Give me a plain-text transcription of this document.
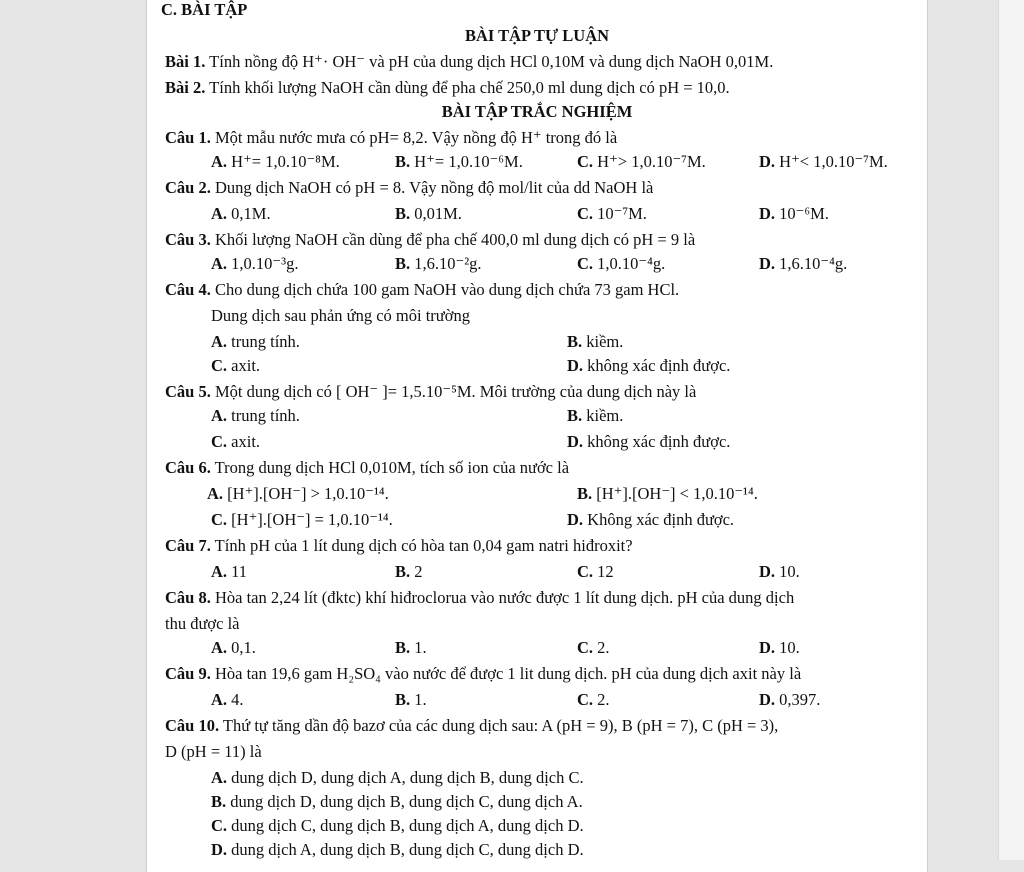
C. BÀI TẬP
BÀI TẬP TỰ LUẬN
Bài 1. Tính nồng độ H⁺· OH⁻ và pH của dung dịch HCl 0,10M và dung dịch NaOH 0,01M.
Bài 2. Tính khối lượng NaOH cần dùng để pha chế 250,0 ml dung dịch có pH = 10,0.
BÀI TẬP TRẮC NGHIỆM
Câu 1. Một mẫu nước mưa có pH= 8,2. Vậy nồng độ H⁺ trong đó là
A. H⁺= 1,0.10⁻⁸M.	B. H⁺= 1,0.10⁻⁶M.	C. H⁺> 1,0.10⁻⁷M.	D. H⁺< 1,0.10⁻⁷M.
Câu 2. Dung dịch NaOH có pH = 8. Vậy nồng độ mol/lit của dd NaOH là
A. 0,1M.	B. 0,01M.	C. 10⁻⁷M.	D. 10⁻⁶M.
Câu 3. Khối lượng NaOH cần dùng để pha chế 400,0 ml dung dịch có pH = 9 là
A. 1,0.10⁻³g.	B. 1,6.10⁻²g.	C. 1,0.10⁻⁴g.	D. 1,6.10⁻⁴g.
Câu 4. Cho dung dịch chứa 100 gam NaOH vào dung dịch chứa 73 gam HCl.
Dung dịch sau phản ứng có môi trường
A. trung tính.	B. kiềm.
C. axit.	D. không xác định được.
Câu 5. Một dung dịch có [ OH⁻ ]= 1,5.10⁻⁵M. Môi trường của dung dịch này là
A. trung tính.	B. kiềm.
C. axit.	D. không xác định được.
Câu 6. Trong dung dịch HCl 0,010M, tích số ion của nước là
A. [H⁺].[OH⁻] > 1,0.10⁻¹⁴.	B. [H⁺].[OH⁻] < 1,0.10⁻¹⁴.
C. [H⁺].[OH⁻] = 1,0.10⁻¹⁴.	D. Không xác định được.
Câu 7. Tính pH của 1 lít dung dịch có hòa tan 0,04 gam natri hiđroxit?
A. 11	B. 2	C. 12	D. 10.
Câu 8. Hòa tan 2,24 lít (đktc) khí hiđroclorua vào nước được 1 lít dung dịch. pH của dung dịch
thu được là
A. 0,1.	B. 1.	C. 2.	D. 10.
Câu 9. Hòa tan 19,6 gam H₂SO₄ vào nước để được 1 lit dung dịch. pH của dung dịch axit này là
A. 4.	B. 1.	C. 2.	D. 0,397.
Câu 10. Thứ tự tăng dần độ bazơ của các dung dịch sau: A (pH = 9), B (pH = 7), C (pH = 3),
D (pH = 11) là
A. dung dịch D, dung dịch A, dung dịch B, dung dịch C.
B. dung dịch D, dung dịch B, dung dịch C, dung dịch A.
C. dung dịch C, dung dịch B, dung dịch A, dung dịch D.
D. dung dịch A, dung dịch B, dung dịch C, dung dịch D.
